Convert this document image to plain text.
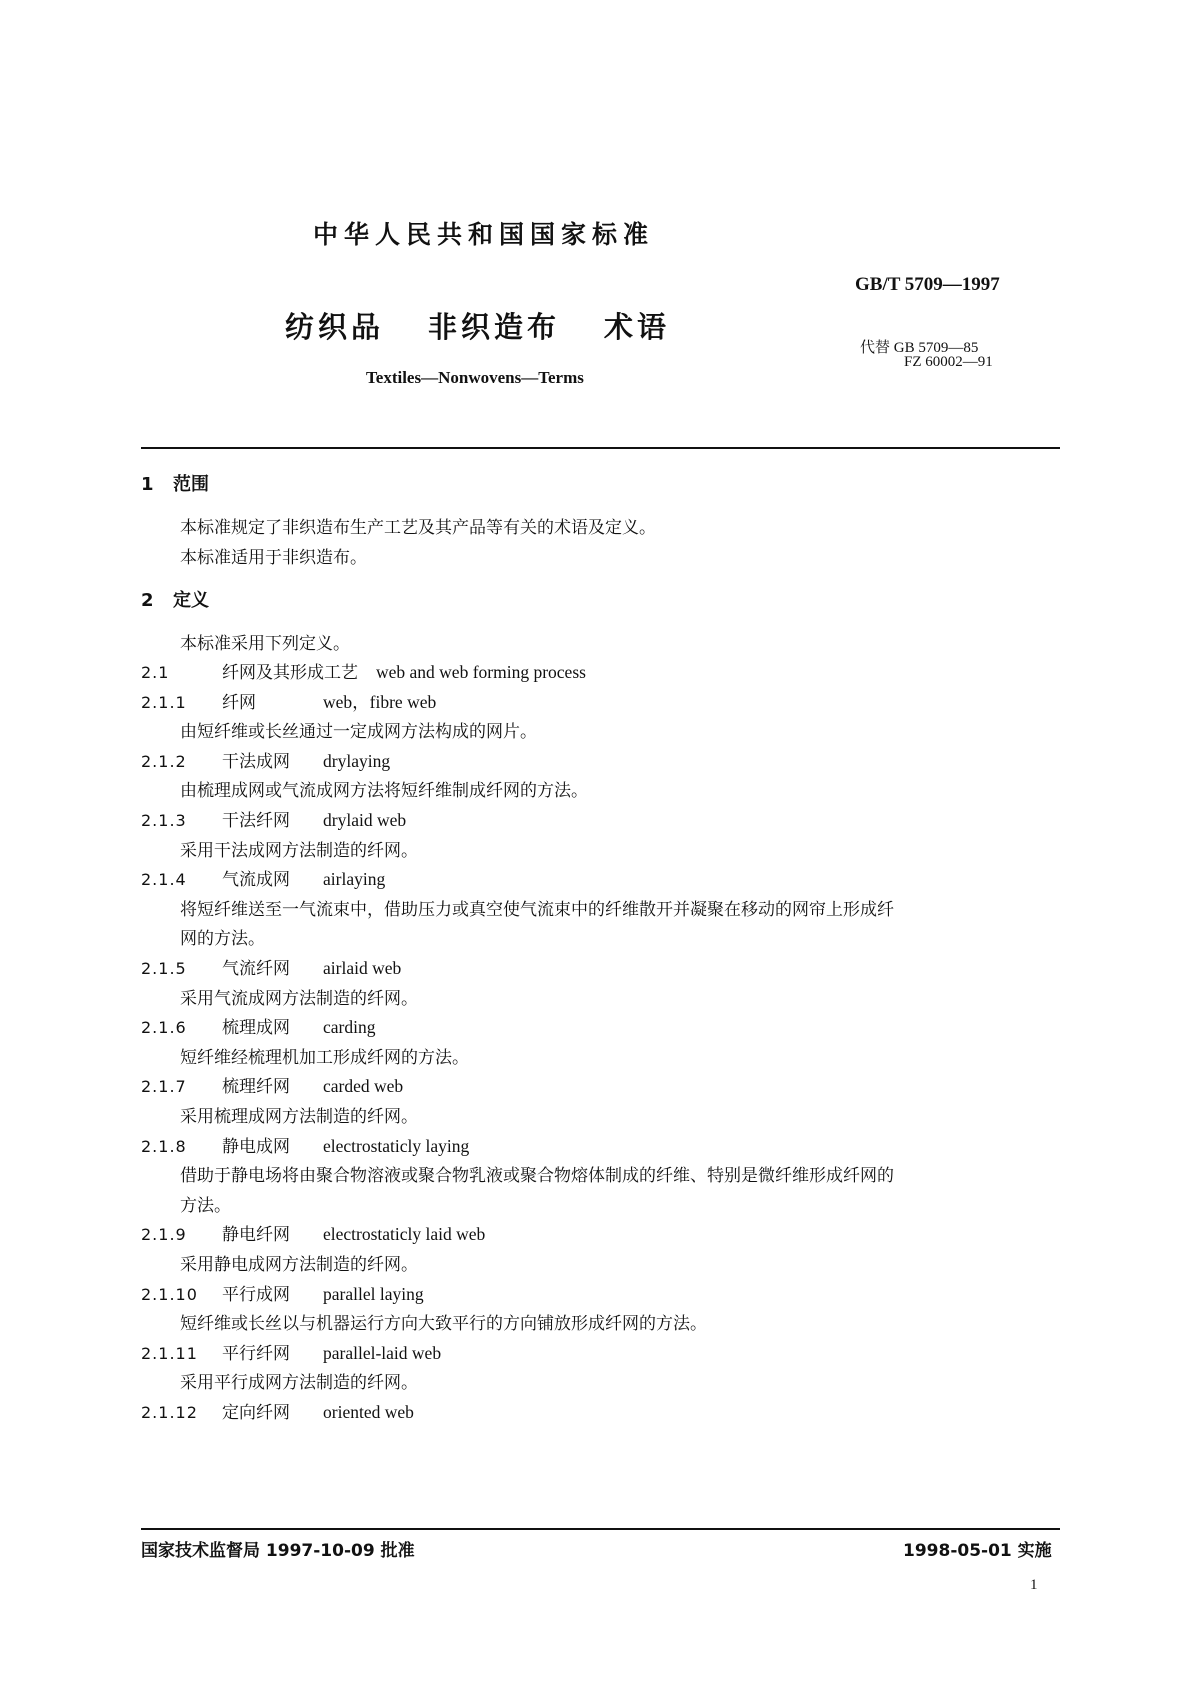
中华人民共和国国家标准
GB/T 5709—1997
纺织品 非织造布 术语
代替 GB 5709—85
FZ 60002—91
Textiles—Nonwovens—Terms
1 范围
本标准规定了非织造布生产工艺及其产品等有关的术语及定义。
本标准适用于非织造布。
2 定义
本标准采用下列定义。
2.1	纤网及其形成工艺 web and web forming process
2.1.1 纤网	web，fibre web
由短纤维或长丝通过一定成网方法构成的网片。
2.1.2 干法成网 drylaying
由梳理成网或气流成网方法将短纤维制成纤网的方法。
2.1.3 干法纤网 drylaid web
采用干法成网方法制造的纤网。
2.1.4 气流成网 airlaying
将短纤维送至一气流束中，借助压力或真空使气流束中的纤维散开并凝聚在移动的网帘上形成纤
网的方法。
2.1.5 气流纤网 airlaid web
采用气流成网方法制造的纤网。
2.1.6 梳理成网 carding
短纤维经梳理机加工形成纤网的方法。
2.1.7 梳理纤网 carded web
采用梳理成网方法制造的纤网。
2.1.8 静电成网 electrostaticly laying
借助于静电场将由聚合物溶液或聚合物乳液或聚合物熔体制成的纤维、特别是微纤维形成纤网的
方法。
2.1.9 静电纤网 electrostaticly laid web
采用静电成网方法制造的纤网。
2.1.10 平行成网 parallel laying
短纤维或长丝以与机器运行方向大致平行的方向铺放形成纤网的方法。
2.1.11 平行纤网 parallel-laid web
采用平行成网方法制造的纤网。
2.1.12 定向纤网 oriented web
国家技术监督局 1997-10-09 批准	1998-05-01 实施
1
